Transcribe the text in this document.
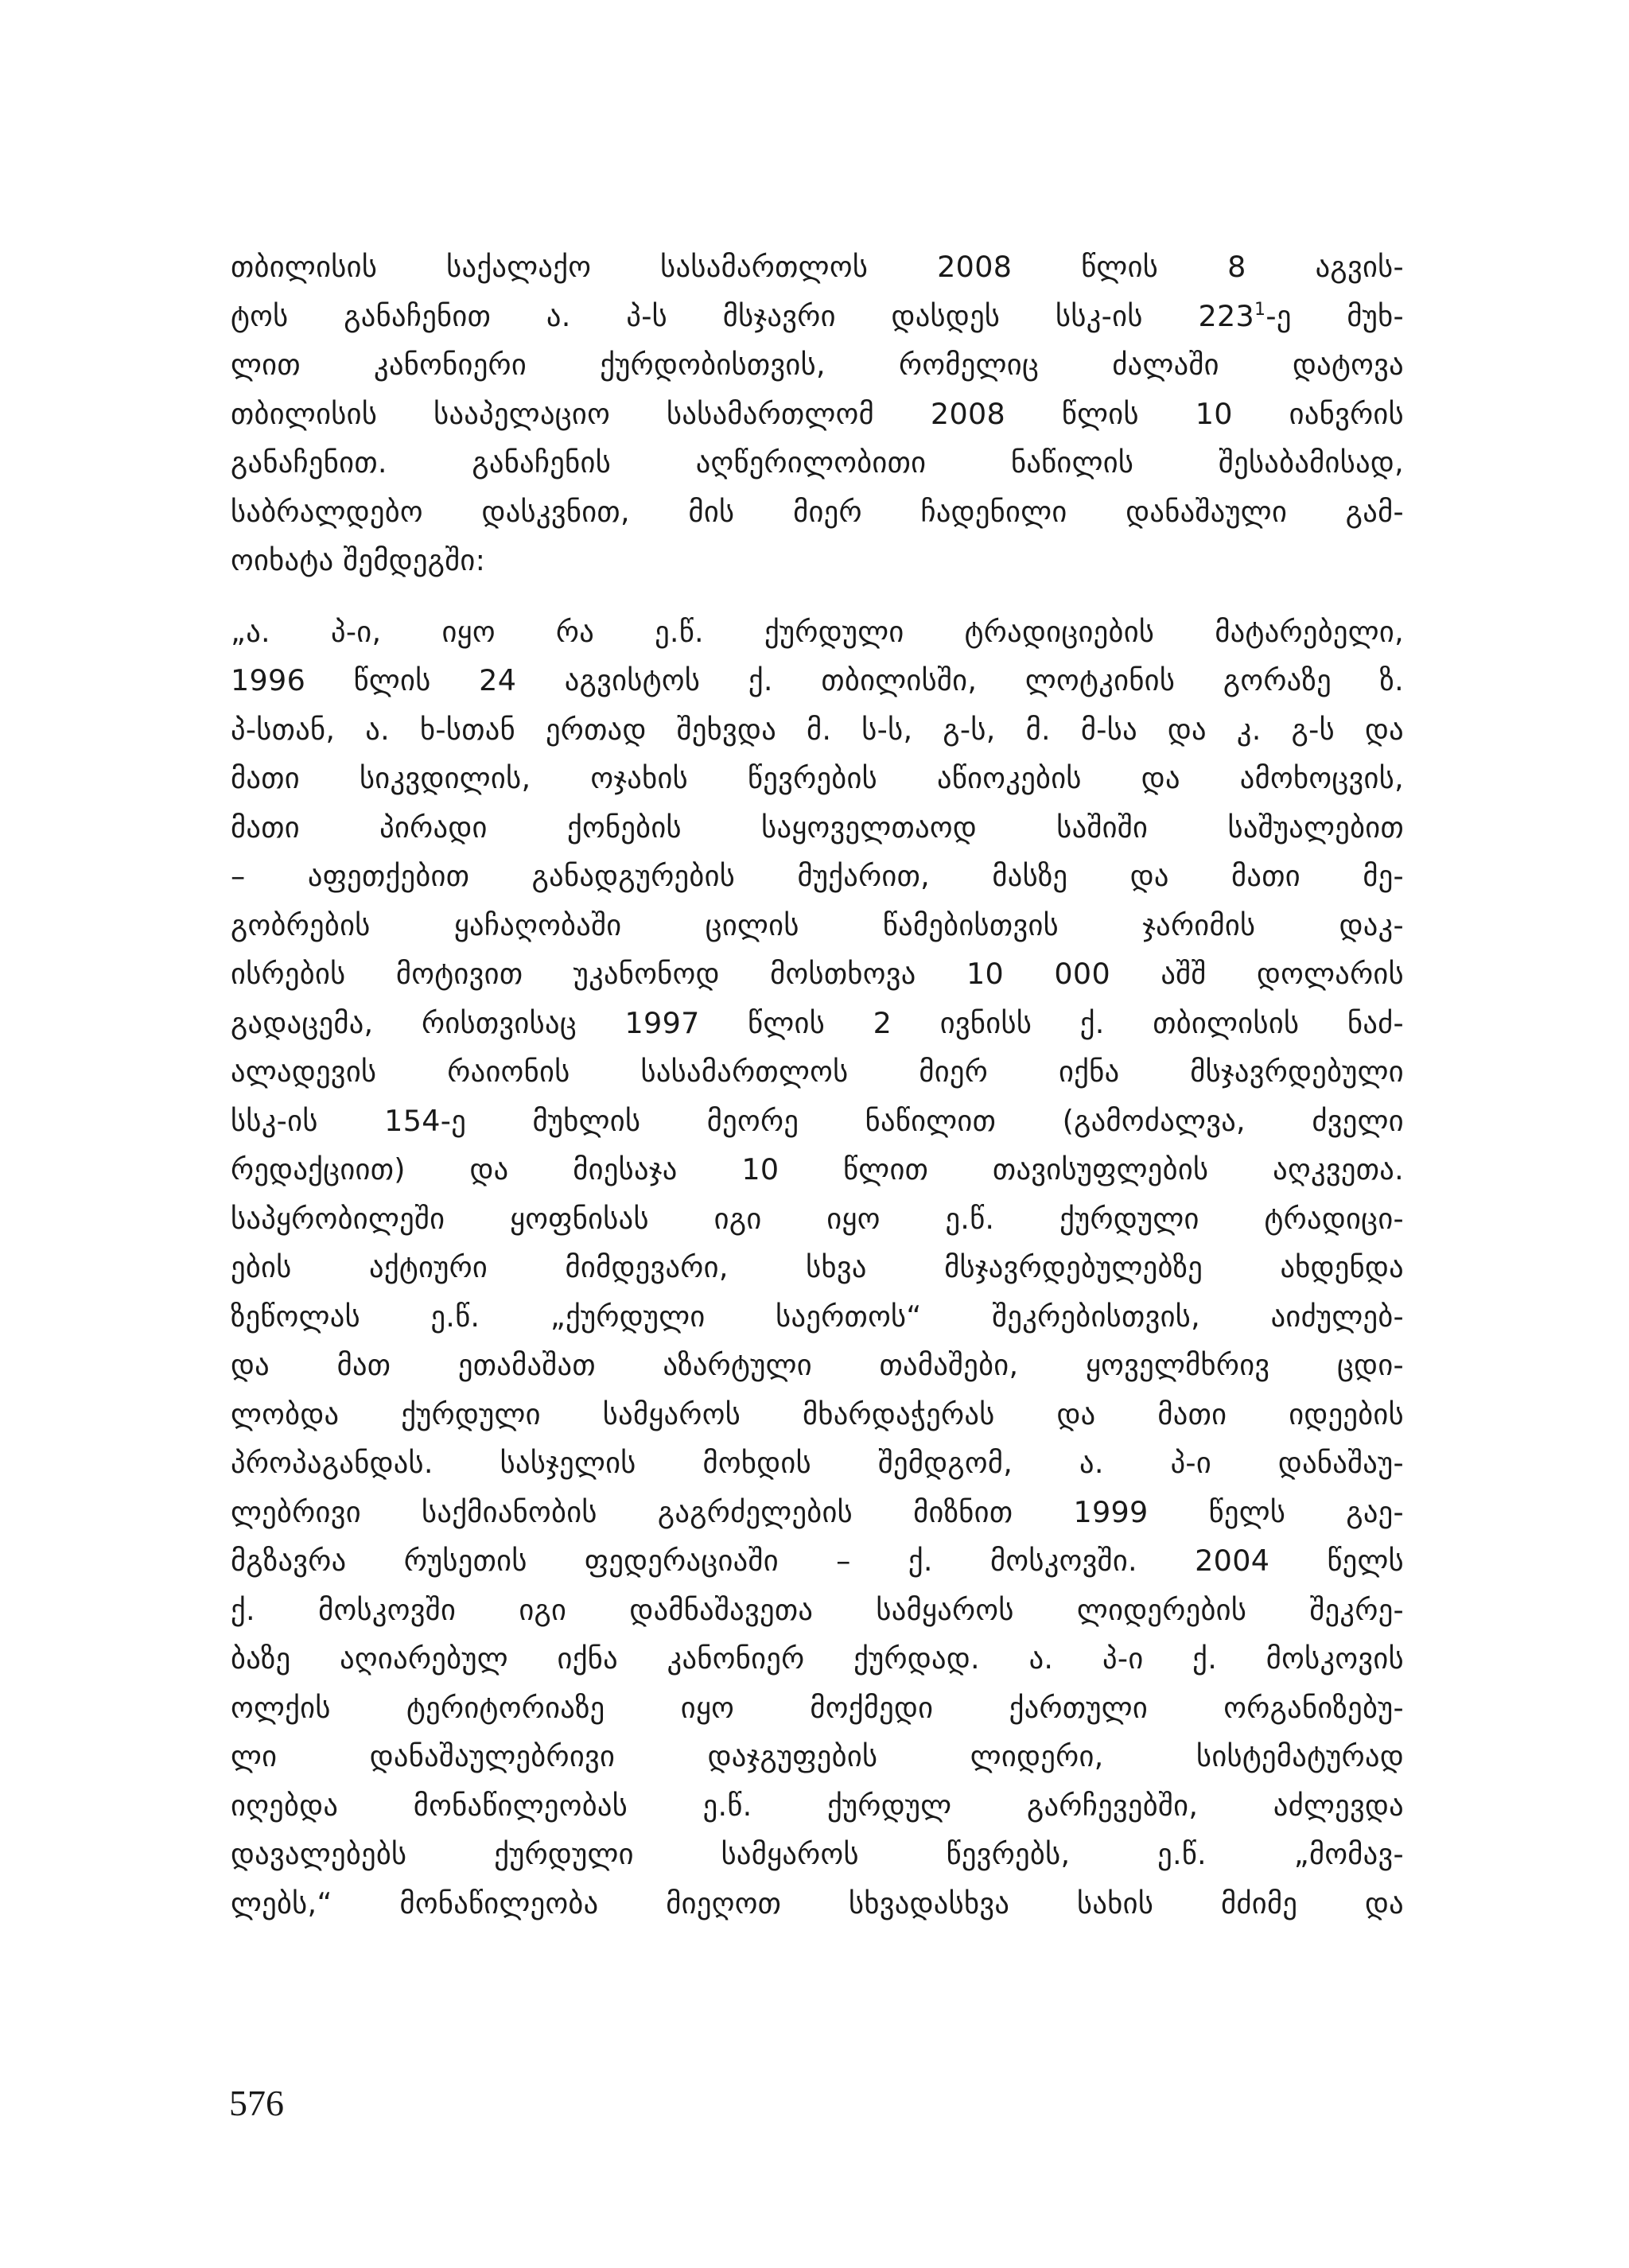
თბილისის საქალაქო სასამართლოს 2008 წლის 8 აგვის-
ტოს განაჩენით ა. პ-ს მსჯავრი დასდეს სსკ-ის $223^1-ე$ მუხ-
ლით კანონიერი ქურდობისთვის, რომელიც ძალაში დატოვა
თბილისის სააპელაციო სასამართლომ 2008 წლის 10 იანვრის
განაჩენით. განაჩენის აღწერილობითი ნაწილის შესაბამისად,
საბრალდებო დასკვნით, მის მიერ ჩადენილი დანაშაული გამ-
ოიხატა შემდეგში:
„ა. პ-ი, იყო რა ე.წ. ქურდული ტრადიციების მატარებელი,
1996 წლის 24 აგვისტოს ქ. თბილისში, ლოტკინის გორაზე ზ.
პ-სთან, ა. ხ-სთან ერთად შეხვდა მ. ს-ს, გ-ს, მ. მ-სა და კ. გ-ს და
მათი სიკვდილის, ოჯახის წევრების აწიოკების და ამოხოცვის,
მათი პირადი ქონების საყოველთაოდ საშიში საშუალებით
– აფეთქებით განადგურების მუქარით, მასზე და მათი მე-
გობრების ყაჩაღობაში ცილის წამებისთვის ჯარიმის დაკ-
ისრების მოტივით უკანონოდ მოსთხოვა 10 000 აშშ დოლარის
გადაცემა, რისთვისაც 1997 წლის 2 ივნისს ქ. თბილისის ნაძ-
ალადევის რაიონის სასამართლოს მიერ იქნა მსჯავრდებული
სსკ-ის 154-ე მუხლის მეორე ნაწილით (გამოძალვა, ძველი
რედაქციით) და მიესაჯა 10 წლით თავისუფლების აღკვეთა.
საპყრობილეში ყოფნისას იგი იყო ე.წ. ქურდული ტრადიცი-
ების აქტიური მიმდევარი, სხვა მსჯავრდებულებზე ახდენდა
ზეწოლას ე.წ. „ქურდული საერთოს“ შეკრებისთვის, აიძულებ-
და მათ ეთამაშათ აზარტული თამაშები, ყოველმხრივ ცდი-
ლობდა ქურდული სამყაროს მხარდაჭერას და მათი იდეების
პროპაგანდას. სასჯელის მოხდის შემდგომ, ა. პ-ი დანაშაუ-
ლებრივი საქმიანობის გაგრძელების მიზნით 1999 წელს გაე-
მგზავრა რუსეთის ფედერაციაში – ქ. მოსკოვში. 2004 წელს
ქ. მოსკოვში იგი დამნაშავეთა სამყაროს ლიდერების შეკრე-
ბაზე აღიარებულ იქნა კანონიერ ქურდად. ა. პ-ი ქ. მოსკოვის
ოლქის ტერიტორიაზე იყო მოქმედი ქართული ორგანიზებუ-
ლი დანაშაულებრივი დაჯგუფების ლიდერი, სისტემატურად
იღებდა მონაწილეობას ე.წ. ქურდულ გარჩევებში, აძლევდა
დავალებებს ქურდული სამყაროს წევრებს, ე.წ. „მომავ-
ლებს,“ მონაწილეობა მიეღოთ სხვადასხვა სახის მძიმე და
576
